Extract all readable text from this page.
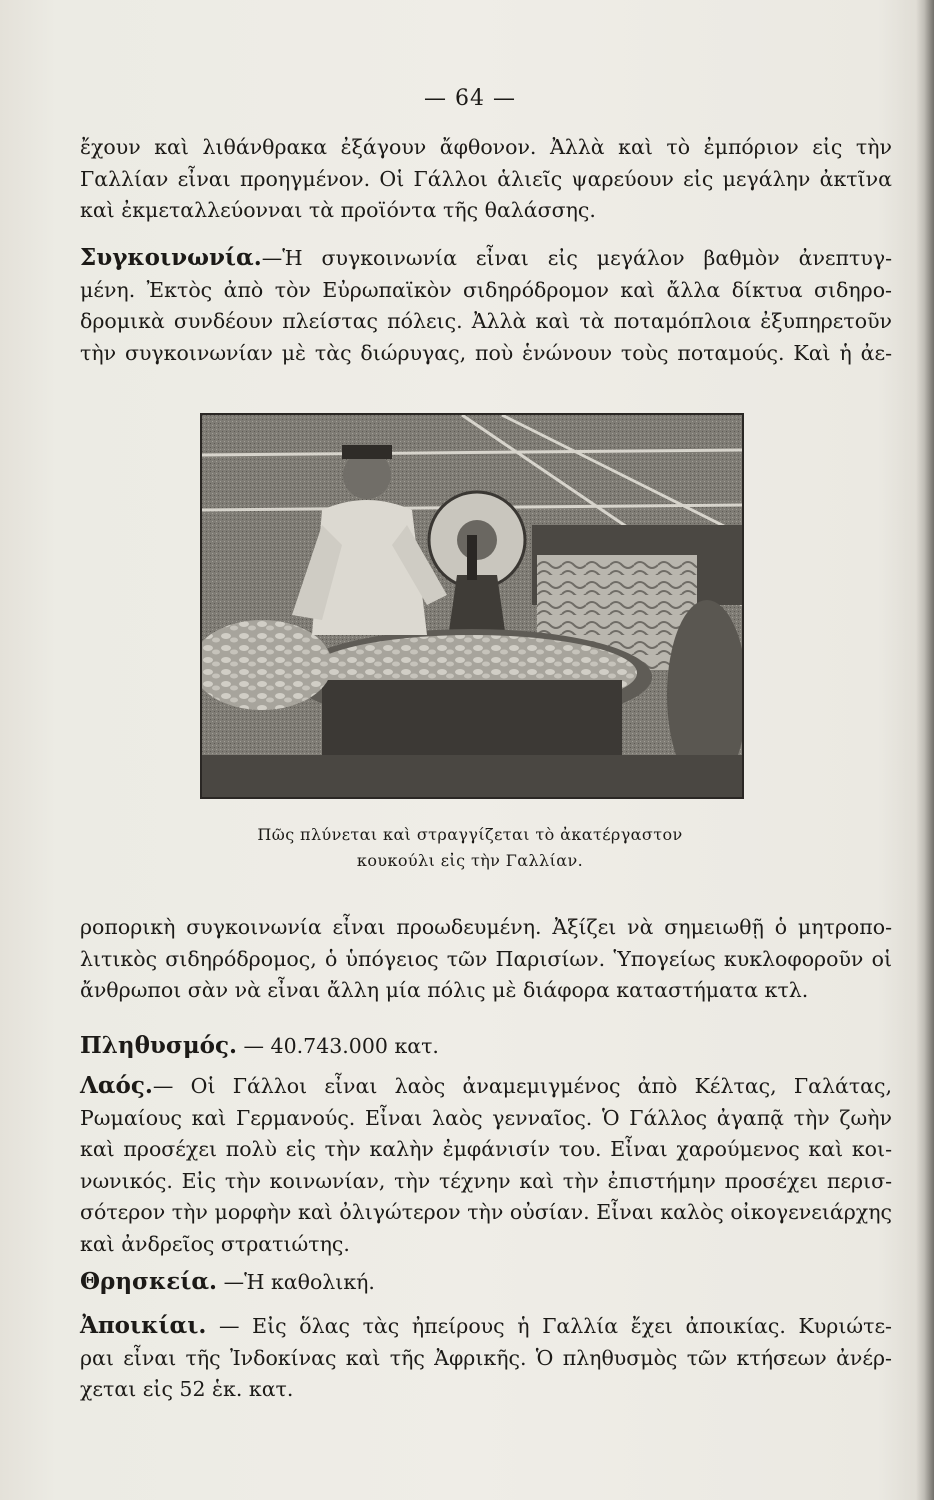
— 64 —
ἔχουν καὶ λιθάνθρακα ἐξάγουν ἄφθονον. Ἀλλὰ καὶ τὸ ἐμπόριον εἰς τὴν
Γαλλίαν εἶναι προηγμένον. Οἱ Γάλλοι ἁλιεῖς ψαρεύουν εἰς μεγάλην ἀκτῖνα
καὶ ἐκμεταλλεύονναι τὰ προϊόντα τῆς θαλάσσης.
Συγκοινωνία.—Ἡ συγκοινωνία εἶναι εἰς μεγάλον βαθμὸν ἀνεπτυγ-
μένη. Ἐκτὸς ἀπὸ τὸν Εὐρωπαϊκὸν σιδηρόδρομον καὶ ἄλλα δίκτυα σιδηρο-
δρομικὰ συνδέουν πλείστας πόλεις. Ἀλλὰ καὶ τὰ ποταμόπλοια ἐξυπηρετοῦν
τὴν συγκοινωνίαν μὲ τὰς διώρυγας, ποὺ ἑνώνουν τοὺς ποταμούς. Καὶ ἡ ἀε-
Πῶς πλύνεται καὶ στραγγίζεται τὸ ἀκατέργαστον
κουκούλι εἰς τὴν Γαλλίαν.
ροπορικὴ συγκοινωνία εἶναι προωδευμένη. Ἀξίζει νὰ σημειωθῇ ὁ μητροπο-
λιτικὸς σιδηρόδρομος, ὁ ὑπόγειος τῶν Παρισίων. Ὑπογείως κυκλοφοροῦν οἱ
ἄνθρωποι σὰν νὰ εἶναι ἄλλη μία πόλις μὲ διάφορα καταστήματα κτλ.
Πληθυσμός. — 40.743.000 κατ.
Λαός.— Οἱ Γάλλοι εἶναι λαὸς ἀναμεμιγμένος ἀπὸ Κέλτας, Γαλάτας,
Ρωμαίους καὶ Γερμανούς. Εἶναι λαὸς γενναῖος. Ὁ Γάλλος ἀγαπᾷ τὴν ζωὴν
καὶ προσέχει πολὺ εἰς τὴν καλὴν ἐμφάνισίν του. Εἶναι χαρούμενος καὶ κοι-
νωνικός. Εἰς τὴν κοινωνίαν, τὴν τέχνην καὶ τὴν ἐπιστήμην προσέχει περισ-
σότερον τὴν μορφὴν καὶ ὀλιγώτερον τὴν οὐσίαν. Εἶναι καλὸς οἰκογενειάρχης
καὶ ἀνδρεῖος στρατιώτης.
Θρησκεία. —Ἡ καθολική.
Ἀποικίαι. — Εἰς ὅλας τὰς ἠπείρους ἡ Γαλλία ἔχει ἀποικίας. Κυριώτε-
ραι εἶναι τῆς Ἰνδοκίνας καὶ τῆς Ἀφρικῆς. Ὁ πληθυσμὸς τῶν κτήσεων ἀνέρ-
χεται εἰς 52 ἑκ. κατ.
